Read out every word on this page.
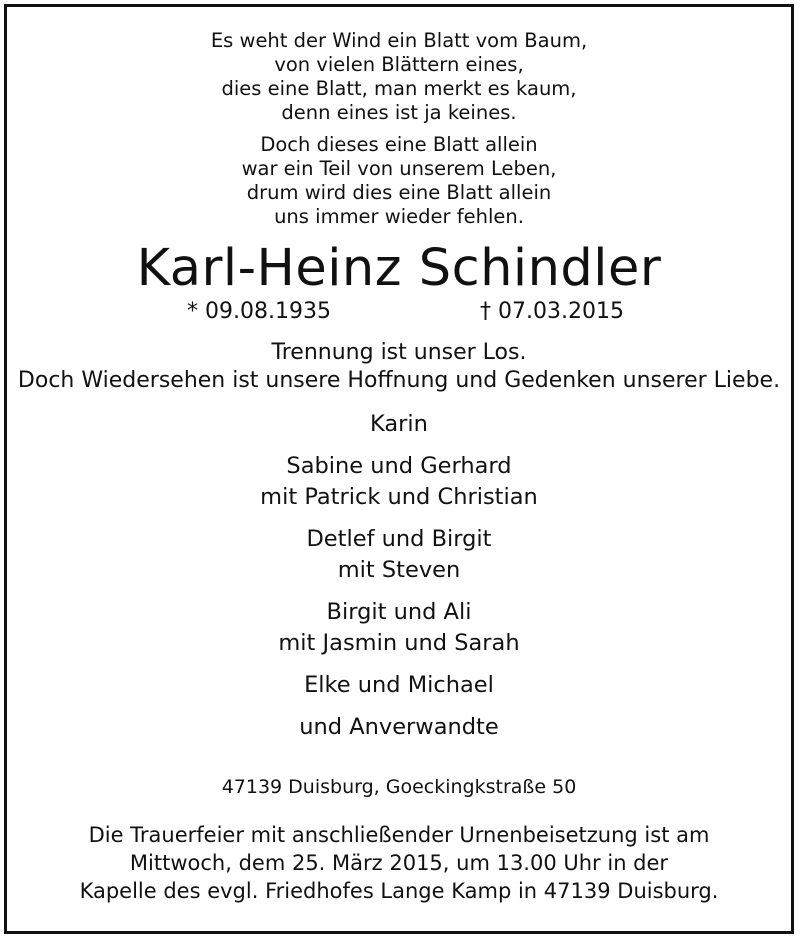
Es weht der Wind ein Blatt vom Baum,
von vielen Blättern eines,
dies eine Blatt, man merkt es kaum,
denn eines ist ja keines.
Doch dieses eine Blatt allein
war ein Teil von unserem Leben,
drum wird dies eine Blatt allein
uns immer wieder fehlen.
Karl-Heinz Schindler
* 09.08.1935	† 07.03.2015
Trennung ist unser Los.
Doch Wiedersehen ist unsere Hoffnung und Gedenken unserer Liebe.
Karin
Sabine und Gerhard
mit Patrick und Christian
Detlef und Birgit
mit Steven
Birgit und Ali
mit Jasmin und Sarah
Elke und Michael
und Anverwandte
47139 Duisburg, Goeckingkstraße 50
Die Trauerfeier mit anschließender Urnenbeisetzung ist am
Mittwoch, dem 25. März 2015, um 13.00 Uhr in der
Kapelle des evgl. Friedhofes Lange Kamp in 47139 Duisburg.
